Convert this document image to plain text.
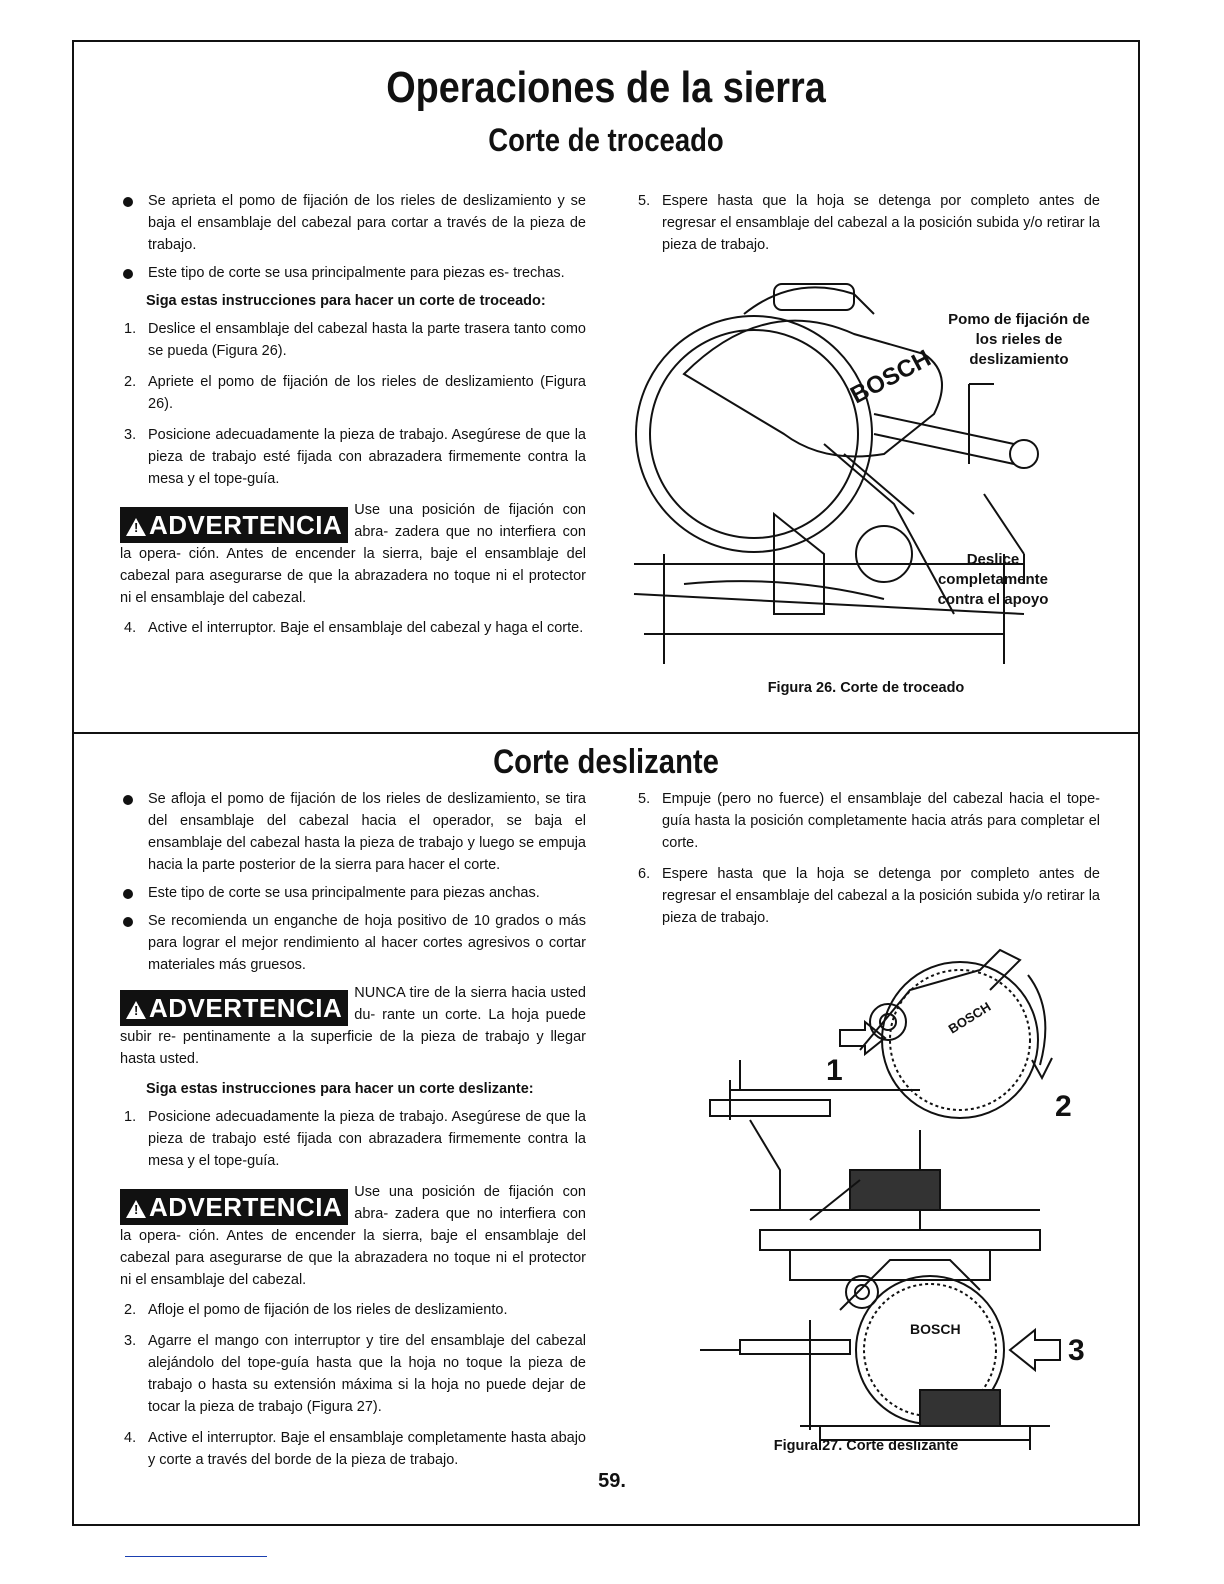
Operaciones de la sierra
Corte de troceado
Se aprieta el pomo de fijación de los rieles de deslizamiento y se baja el ensamblaje del cabezal para cortar a través de la pieza de trabajo.
Este tipo de corte se usa principalmente para piezas es- trechas.
Siga estas instrucciones para hacer un corte de troceado:
1. Deslice el ensamblaje del cabezal hasta la parte trasera tanto como se pueda (Figura 26).
2. Apriete el pomo de fijación de los rieles de deslizamiento (Figura 26).
3. Posicione adecuadamente la pieza de trabajo. Asegúrese de que la pieza de trabajo esté fijada con abrazadera firmemente contra la mesa y el tope-guía.
! ADVERTENCIA Use una posición de fijación con abra- zadera que no interfiera con la opera- ción. Antes de encender la sierra, baje el ensamblaje del cabezal para asegurarse de que la abrazadera no toque ni el protector ni el ensamblaje del cabezal.
4. Active el interruptor. Baje el ensamblaje del cabezal y haga el corte.
5. Espere hasta que la hoja se detenga por completo antes de regresar el ensamblaje del cabezal a la posición subida y/o retirar la pieza de trabajo.
BOSCH
Pomo de fijación de los rieles de deslizamiento
Deslice completamente contra el apoyo
Figura 26. Corte de troceado
Corte deslizante
Se afloja el pomo de fijación de los rieles de deslizamiento, se tira del ensamblaje del cabezal hacia el operador, se baja el ensamblaje del cabezal hasta la pieza de trabajo y luego se empuja hacia la parte posterior de la sierra para hacer el corte.
Este tipo de corte se usa principalmente para piezas anchas.
Se recomienda un enganche de hoja positivo de 10 grados o más para lograr el mejor rendimiento al hacer cortes agresivos o cortar materiales más gruesos.
! ADVERTENCIA NUNCA tire de la sierra hacia usted du- rante un corte. La hoja puede subir re- pentinamente a la superficie de la pieza de trabajo y llegar hasta usted.
Siga estas instrucciones para hacer un corte deslizante:
1. Posicione adecuadamente la pieza de trabajo. Asegúrese de que la pieza de trabajo esté fijada con abrazadera firmemente contra la mesa y el tope-guía.
! ADVERTENCIA Use una posición de fijación con abra- zadera que no interfiera con la opera- ción. Antes de encender la sierra, baje el ensamblaje del cabezal para asegurarse de que la abrazadera no toque ni el protector ni el ensamblaje del cabezal.
2. Afloje el pomo de fijación de los rieles de deslizamiento.
3. Agarre el mango con interruptor y tire del ensamblaje del cabezal alejándolo del tope-guía hasta que la hoja no toque la pieza de trabajo o hasta su extensión máxima si la hoja no puede dejar de tocar la pieza de trabajo (Figura 27).
4. Active el interruptor. Baje el ensamblaje completamente hasta abajo y corte a través del borde de la pieza de trabajo.
5. Empuje (pero no fuerce) el ensamblaje del cabezal hacia el tope-guía hasta la posición completamente hacia atrás para completar el corte.
6. Espere hasta que la hoja se detenga por completo antes de regresar el ensamblaje del cabezal a la posición subida y/o retirar la pieza de trabajo.
1
2
3
BOSCH
BOSCH
Figura 27. Corte deslizante
59.
